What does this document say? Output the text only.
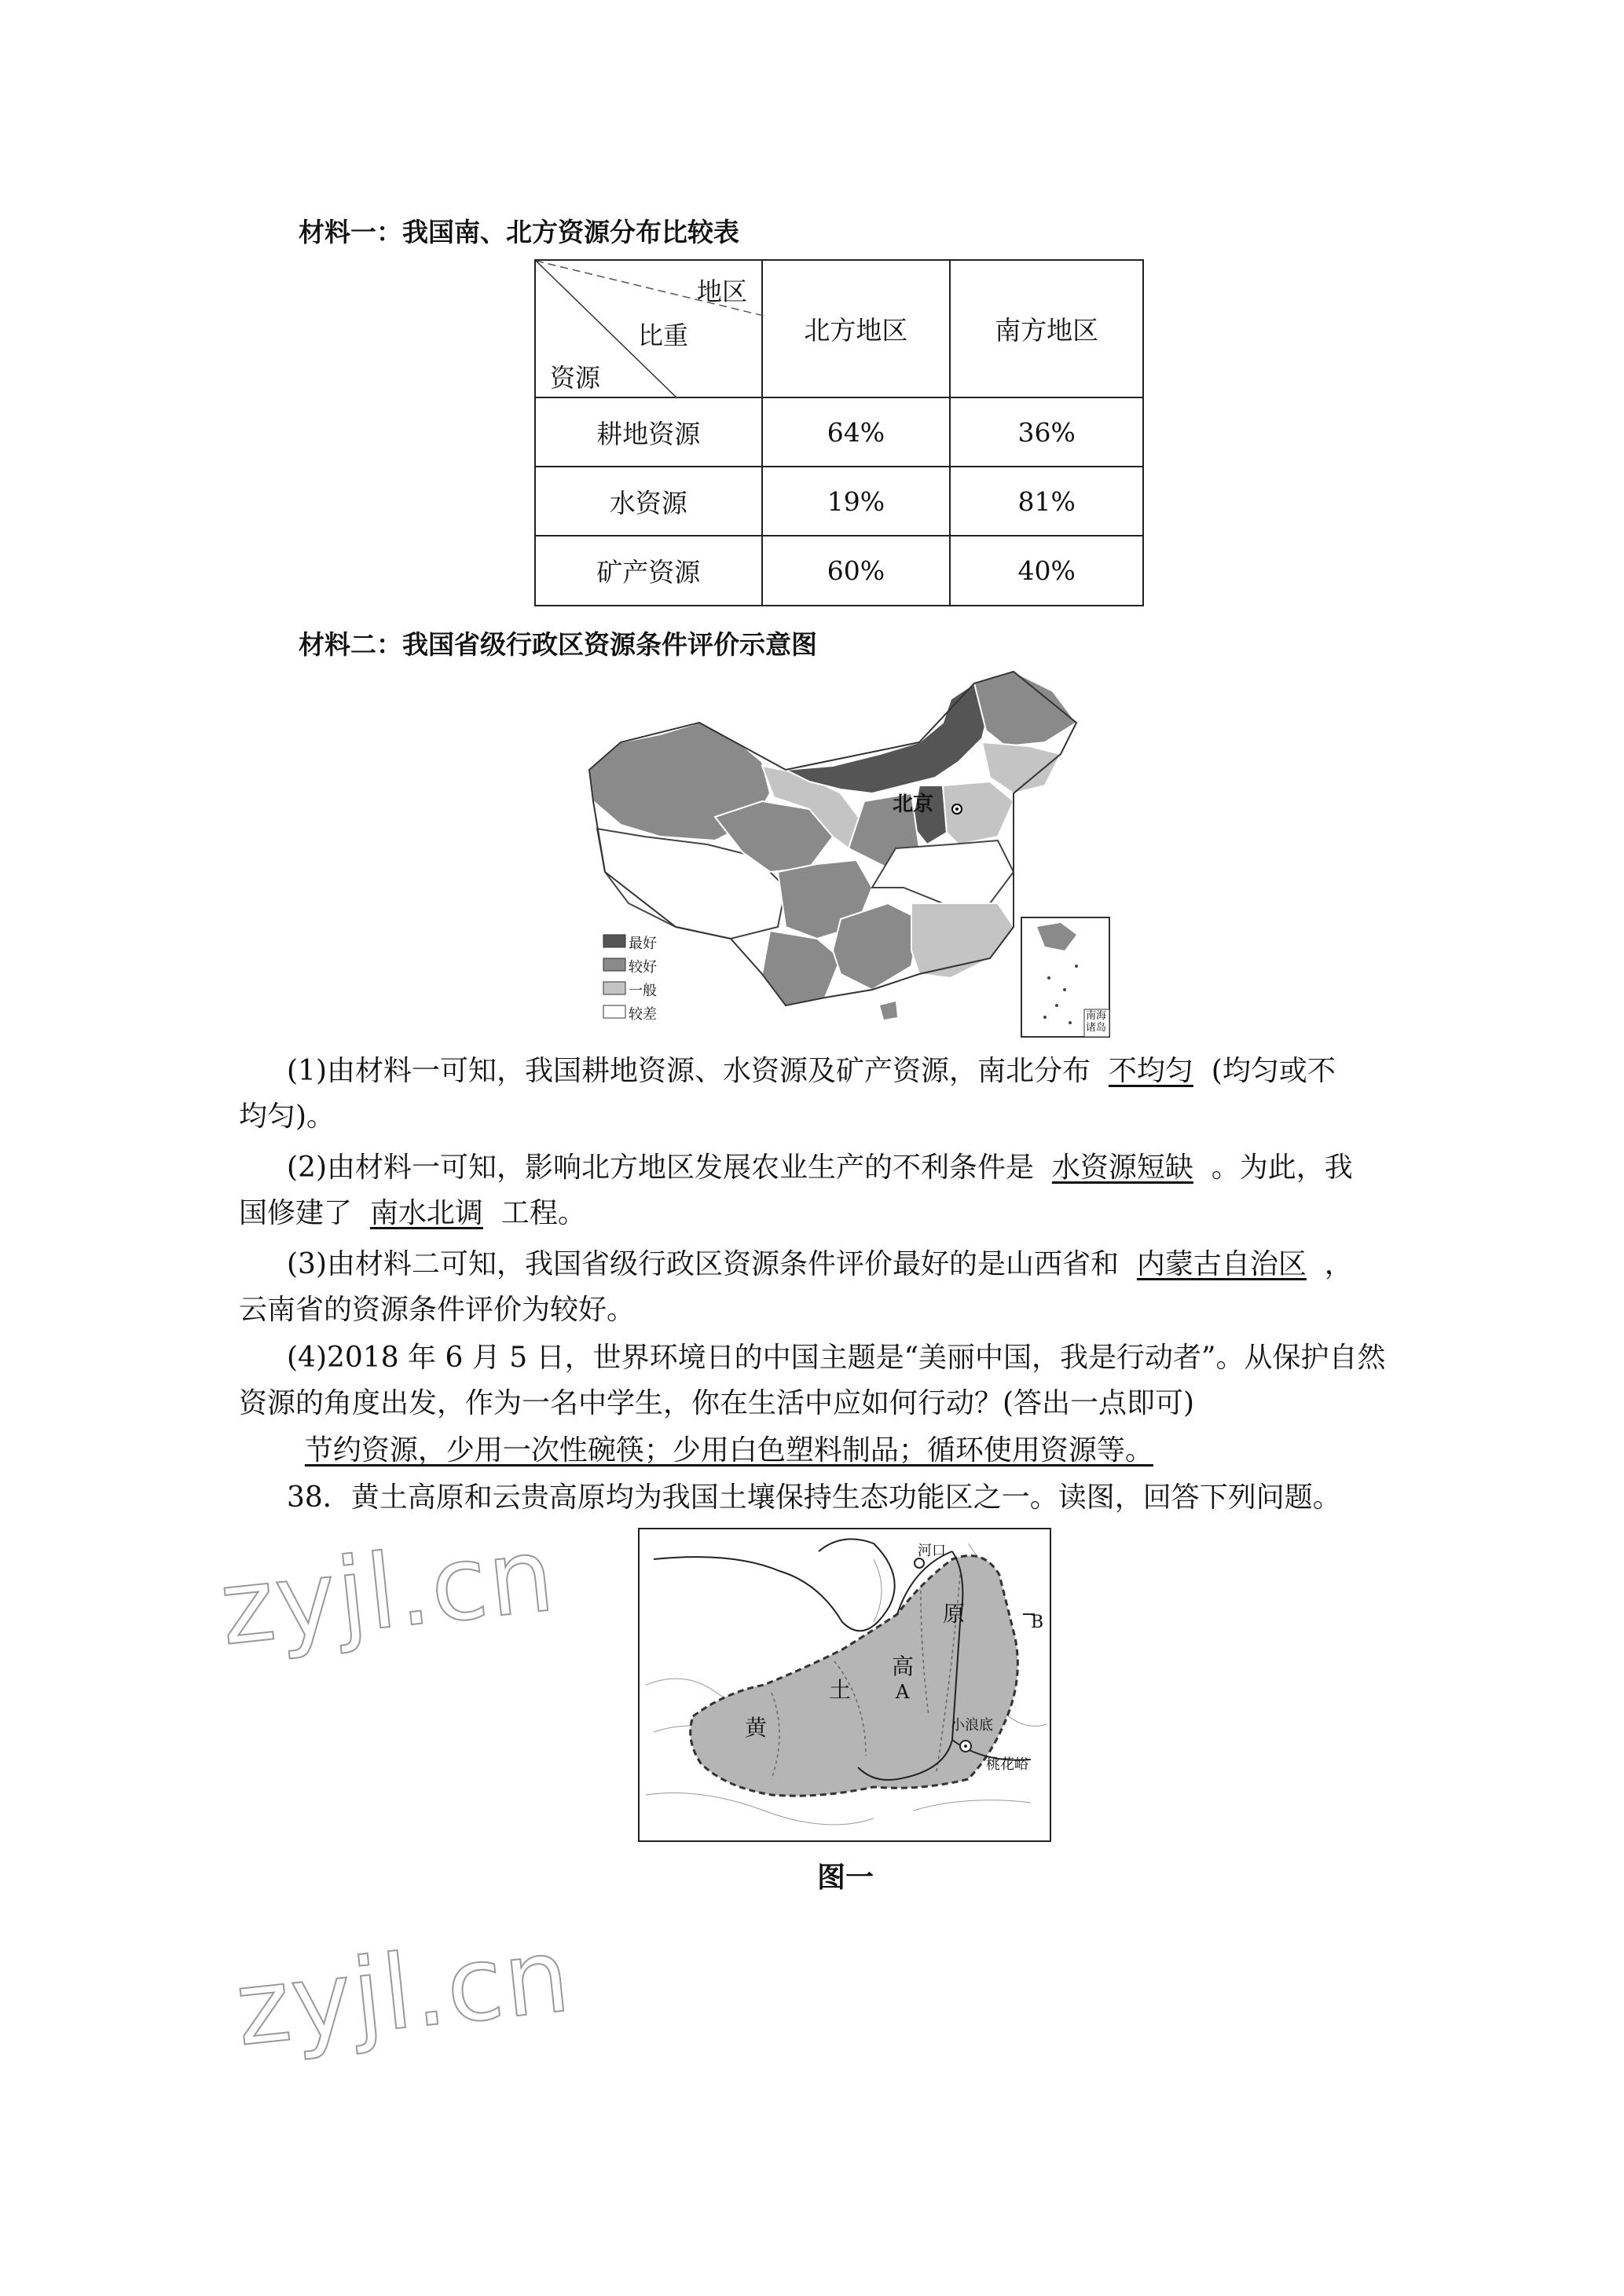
材料一：我国南、北方资源分布比较表
地区
比重
资源	北方地区	南方地区
耕地资源	64%	36%
水资源	19%	81%
矿产资源	60%	40%
材料二：我国省级行政区资源条件评价示意图
北京
最好
较好
一般
较差	南海诸岛
(1)由材料一可知，我国耕地资源、水资源及矿产资源，南北分布 不均匀 (均匀或不
均匀)。
(2)由材料一可知，影响北方地区发展农业生产的不利条件是 水资源短缺 。为此，我
国修建了 南水北调 工程。
(3)由材料二可知，我国省级行政区资源条件评价最好的是山西省和 内蒙古自治区 ，
云南省的资源条件评价为较好。
(4)2018 年 6 月 5 日，世界环境日的中国主题是“美丽中国，我是行动者”。从保护自然
资源的角度出发，作为一名中学生，你在生活中应如何行动？(答出一点即可)
节约资源，少用一次性碗筷；少用白色塑料制品；循环使用资源等。
38．黄土高原和云贵高原均为我国土壤保持生态功能区之一。读图，回答下列问题。
河口
原	B
高
A
土
黄	小浪底
桃花峪
图一
zyjl.cn
zyjl.cn
